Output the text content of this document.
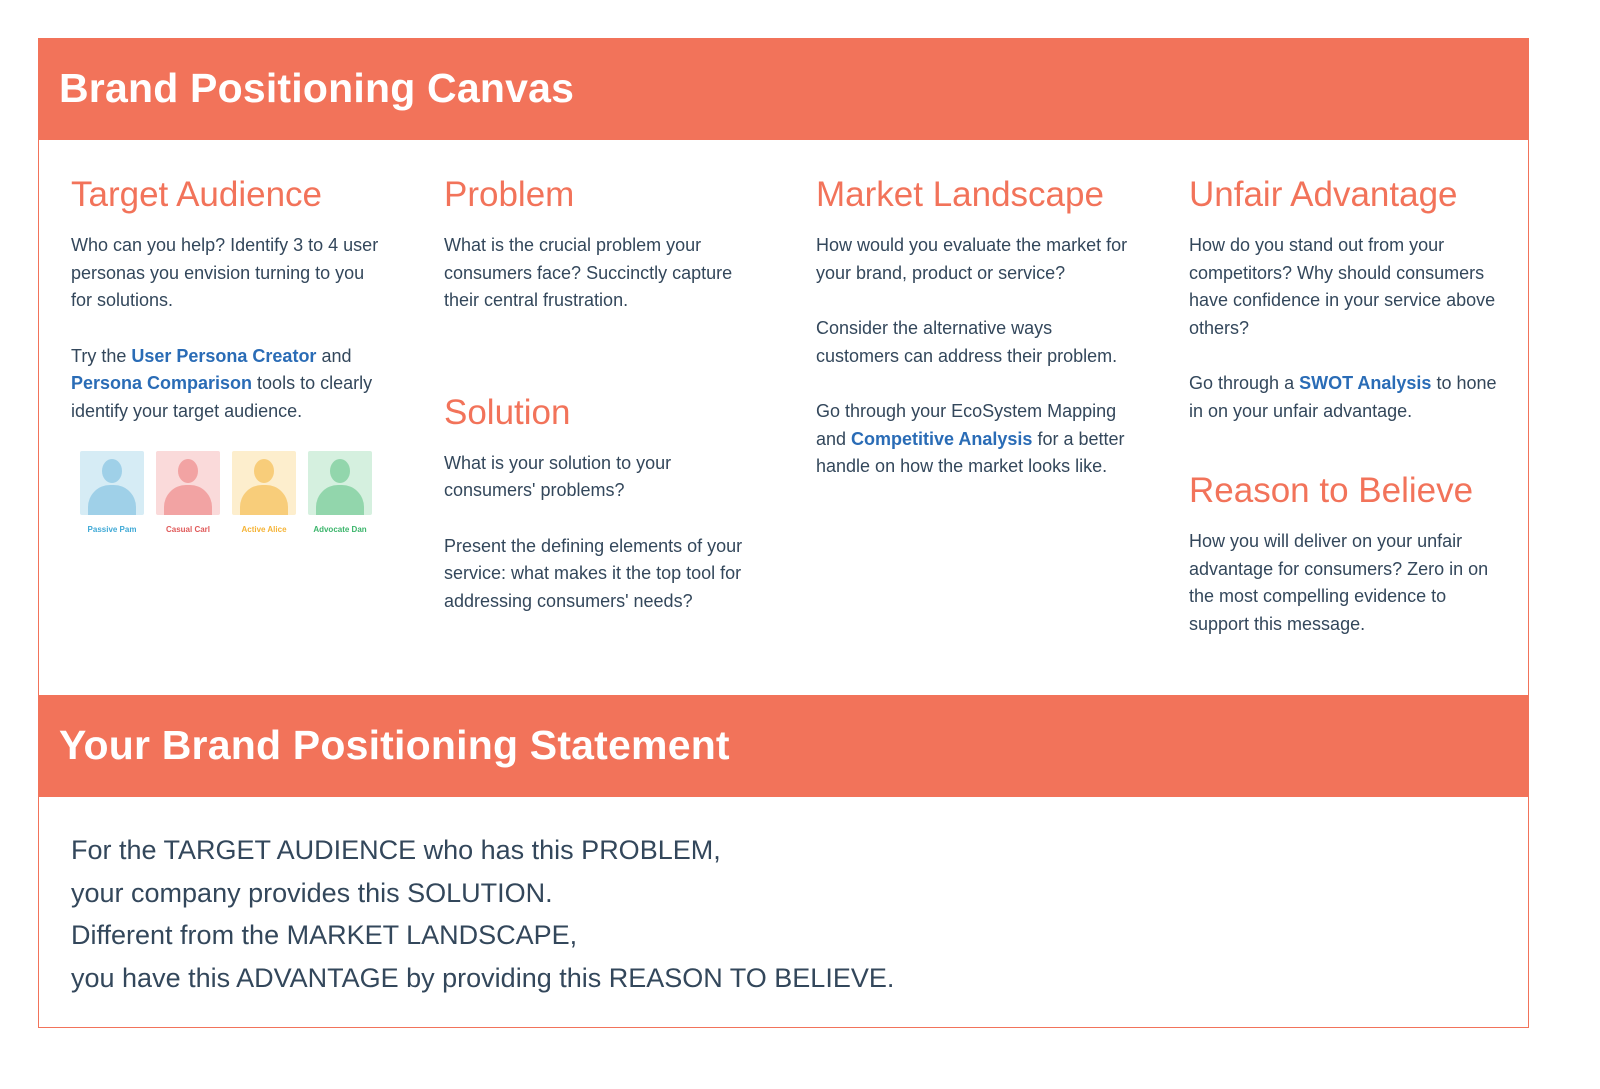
Brand Positioning Canvas
Target Audience
Who can you help? Identify 3 to 4 user personas you envision turning to you for solutions.
Try the User Persona Creator and Persona Comparison tools to clearly identify your target audience.
Passive Pam	Casual Carl	Active Alice	Advocate Dan
Problem
What is the crucial problem your consumers face? Succinctly capture their central frustration.
Solution
What is your solution to your consumers' problems?
Present the defining elements of your service: what makes it the top tool for addressing consumers' needs?
Market Landscape
How would you evaluate the market for your brand, product or service?
Consider the alternative ways customers can address their problem.
Go through your EcoSystem Mapping and Competitive Analysis for a better handle on how the market looks like.
Unfair Advantage
How do you stand out from your competitors? Why should consumers have confidence in your service above others?
Go through a SWOT Analysis to hone in on your unfair advantage.
Reason to Believe
How you will deliver on your unfair advantage for consumers? Zero in on the most compelling evidence to support this message.
Your Brand Positioning Statement
For the TARGET AUDIENCE who has this PROBLEM,
your company provides this SOLUTION.
Different from the MARKET LANDSCAPE,
you have this ADVANTAGE by providing this REASON TO BELIEVE.
